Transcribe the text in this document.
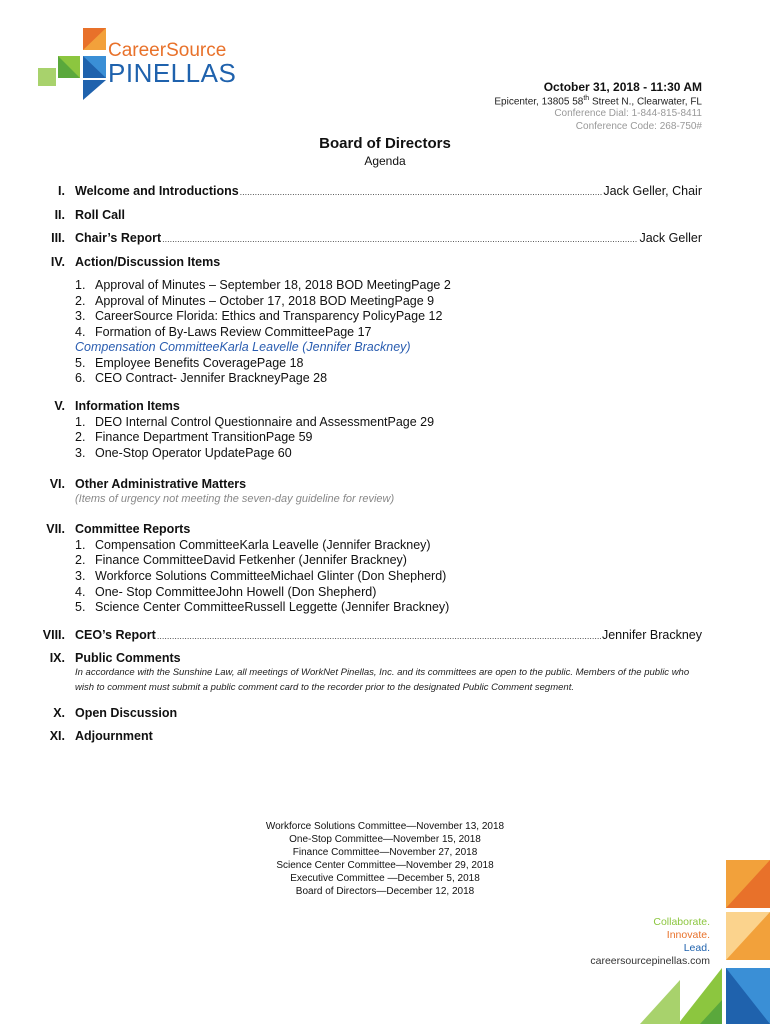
CareerSource
PINELLAS	October 31, 2018 - 11:30 AM
Epicenter, 13805 58th Street N., Clearwater, FL
Conference Dial: 1-844-815-8411
Conference Code: 268-750#
Board of Directors
Agenda
I. Welcome and Introductions .....	Jack Geller, Chair
II. Roll Call
III. Chair’s Report .....	Jack Geller
IV. Action/Discussion Items
1. Approval of Minutes – September 18, 2018 BOD Meeting Page 2
2. Approval of Minutes – October 17, 2018 BOD Meeting Page 9
3. CareerSource Florida: Ethics and Transparency Policy Page 12
4. Formation of By-Laws Review Committee Page 17
Compensation Committee Karla Leavelle (Jennifer Brackney)
5. Employee Benefits Coverage Page 18
6. CEO Contract- Jennifer Brackney Page 28
V. Information Items
1. DEO Internal Control Questionnaire and Assessment Page 29
2. Finance Department Transition Page 59
3. One-Stop Operator Update Page 60
VI. Other Administrative Matters
(Items of urgency not meeting the seven-day guideline for review)
VII. Committee Reports
1. Compensation Committee Karla Leavelle (Jennifer Brackney)
2. Finance Committee David Fetkenher (Jennifer Brackney)
3. Workforce Solutions Committee Michael Glinter (Don Shepherd)
4. One- Stop Committee John Howell (Don Shepherd)
5. Science Center Committee Russell Leggette (Jennifer Brackney)
VIII. CEO’s Report .....	Jennifer Brackney
IX. Public Comments
In accordance with the Sunshine Law, all meetings of WorkNet Pinellas, Inc. and its committees are open to the public. Members of the public who wish to comment must submit a public comment card to the recorder prior to the designated Public Comment segment.
X. Open Discussion
XI. Adjournment
Workforce Solutions Committee—November 13, 2018
One-Stop Committee—November 15, 2018
Finance Committee—November 27, 2018
Science Center Committee—November 29, 2018
Executive Committee —December 5, 2018
Board of Directors—December 12, 2018
Collaborate.
Innovate.
Lead.
careersourcepinellas.com
